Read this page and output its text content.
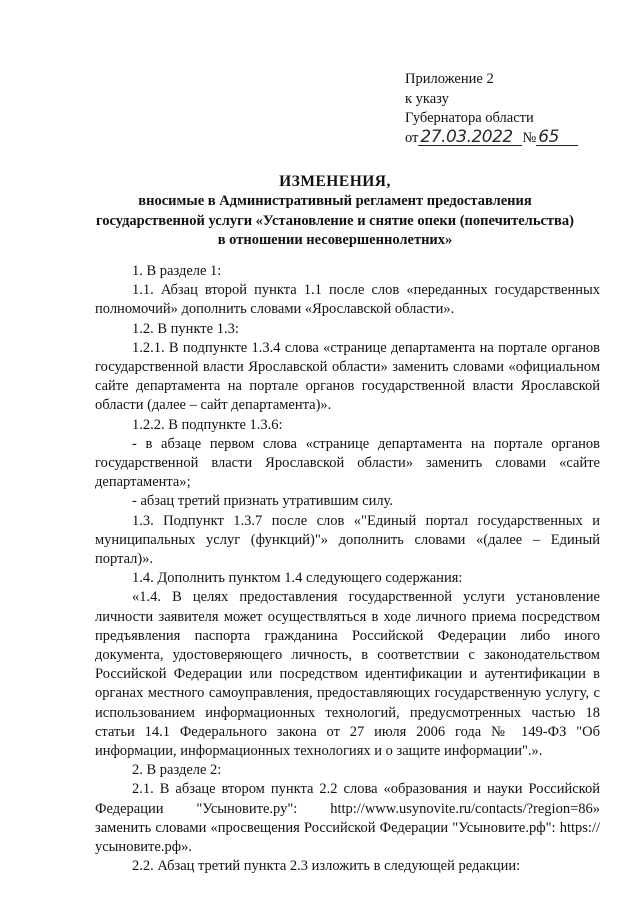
Приложение 2
к указу
Губернатора области
от 27.03.2022 № 65
ИЗМЕНЕНИЯ,
вносимые в Административный регламент предоставления
государственной услуги «Установление и снятие опеки (попечительства)
в отношении несовершеннолетних»

1. В разделе 1:

1.1. Абзац второй пункта 1.1 после слов «переданных государственных полномочий» дополнить словами «Ярославской области».

1.2. В пункте 1.3:

1.2.1. В подпункте 1.3.4 слова «странице департамента на портале органов государственной власти Ярославской области» заменить словами «официальном сайте департамента на портале органов государственной власти Ярославской области (далее – сайт департамента)».

1.2.2. В подпункте 1.3.6:

- в абзаце первом слова «странице департамента на портале органов государственной власти Ярославской области» заменить словами «сайте департамента»;

- абзац третий признать утратившим силу.

1.3. Подпункт 1.3.7 после слов «"Единый портал государственных и муниципальных услуг (функций)"» дополнить словами «(далее – Единый портал)».

1.4. Дополнить пунктом 1.4 следующего содержания:

«1.4. В целях предоставления государственной услуги установление личности заявителя может осуществляться в ходе личного приема посредством предъявления паспорта гражданина Российской Федерации либо иного документа, удостоверяющего личность, в соответствии с законодательством Российской Федерации или посредством идентификации и аутентификации в органах местного самоуправления, предоставляющих государственную услугу, с использованием информационных технологий, предусмотренных частью 18 статьи 14.1 Федерального закона от 27 июля 2006 года № 149-ФЗ "Об информации, информационных технологиях и о защите информации".».

2. В разделе 2:

2.1. В абзаце втором пункта 2.2 слова «образования и науки Российской Федерации "Усыновите.ру": http://www.usynovite.ru/contacts/?region=86» заменить словами «просвещения Российской Федерации "Усыновите.рф": https://усыновите.рф».

2.2. Абзац третий пункта 2.3 изложить в следующей редакции:
